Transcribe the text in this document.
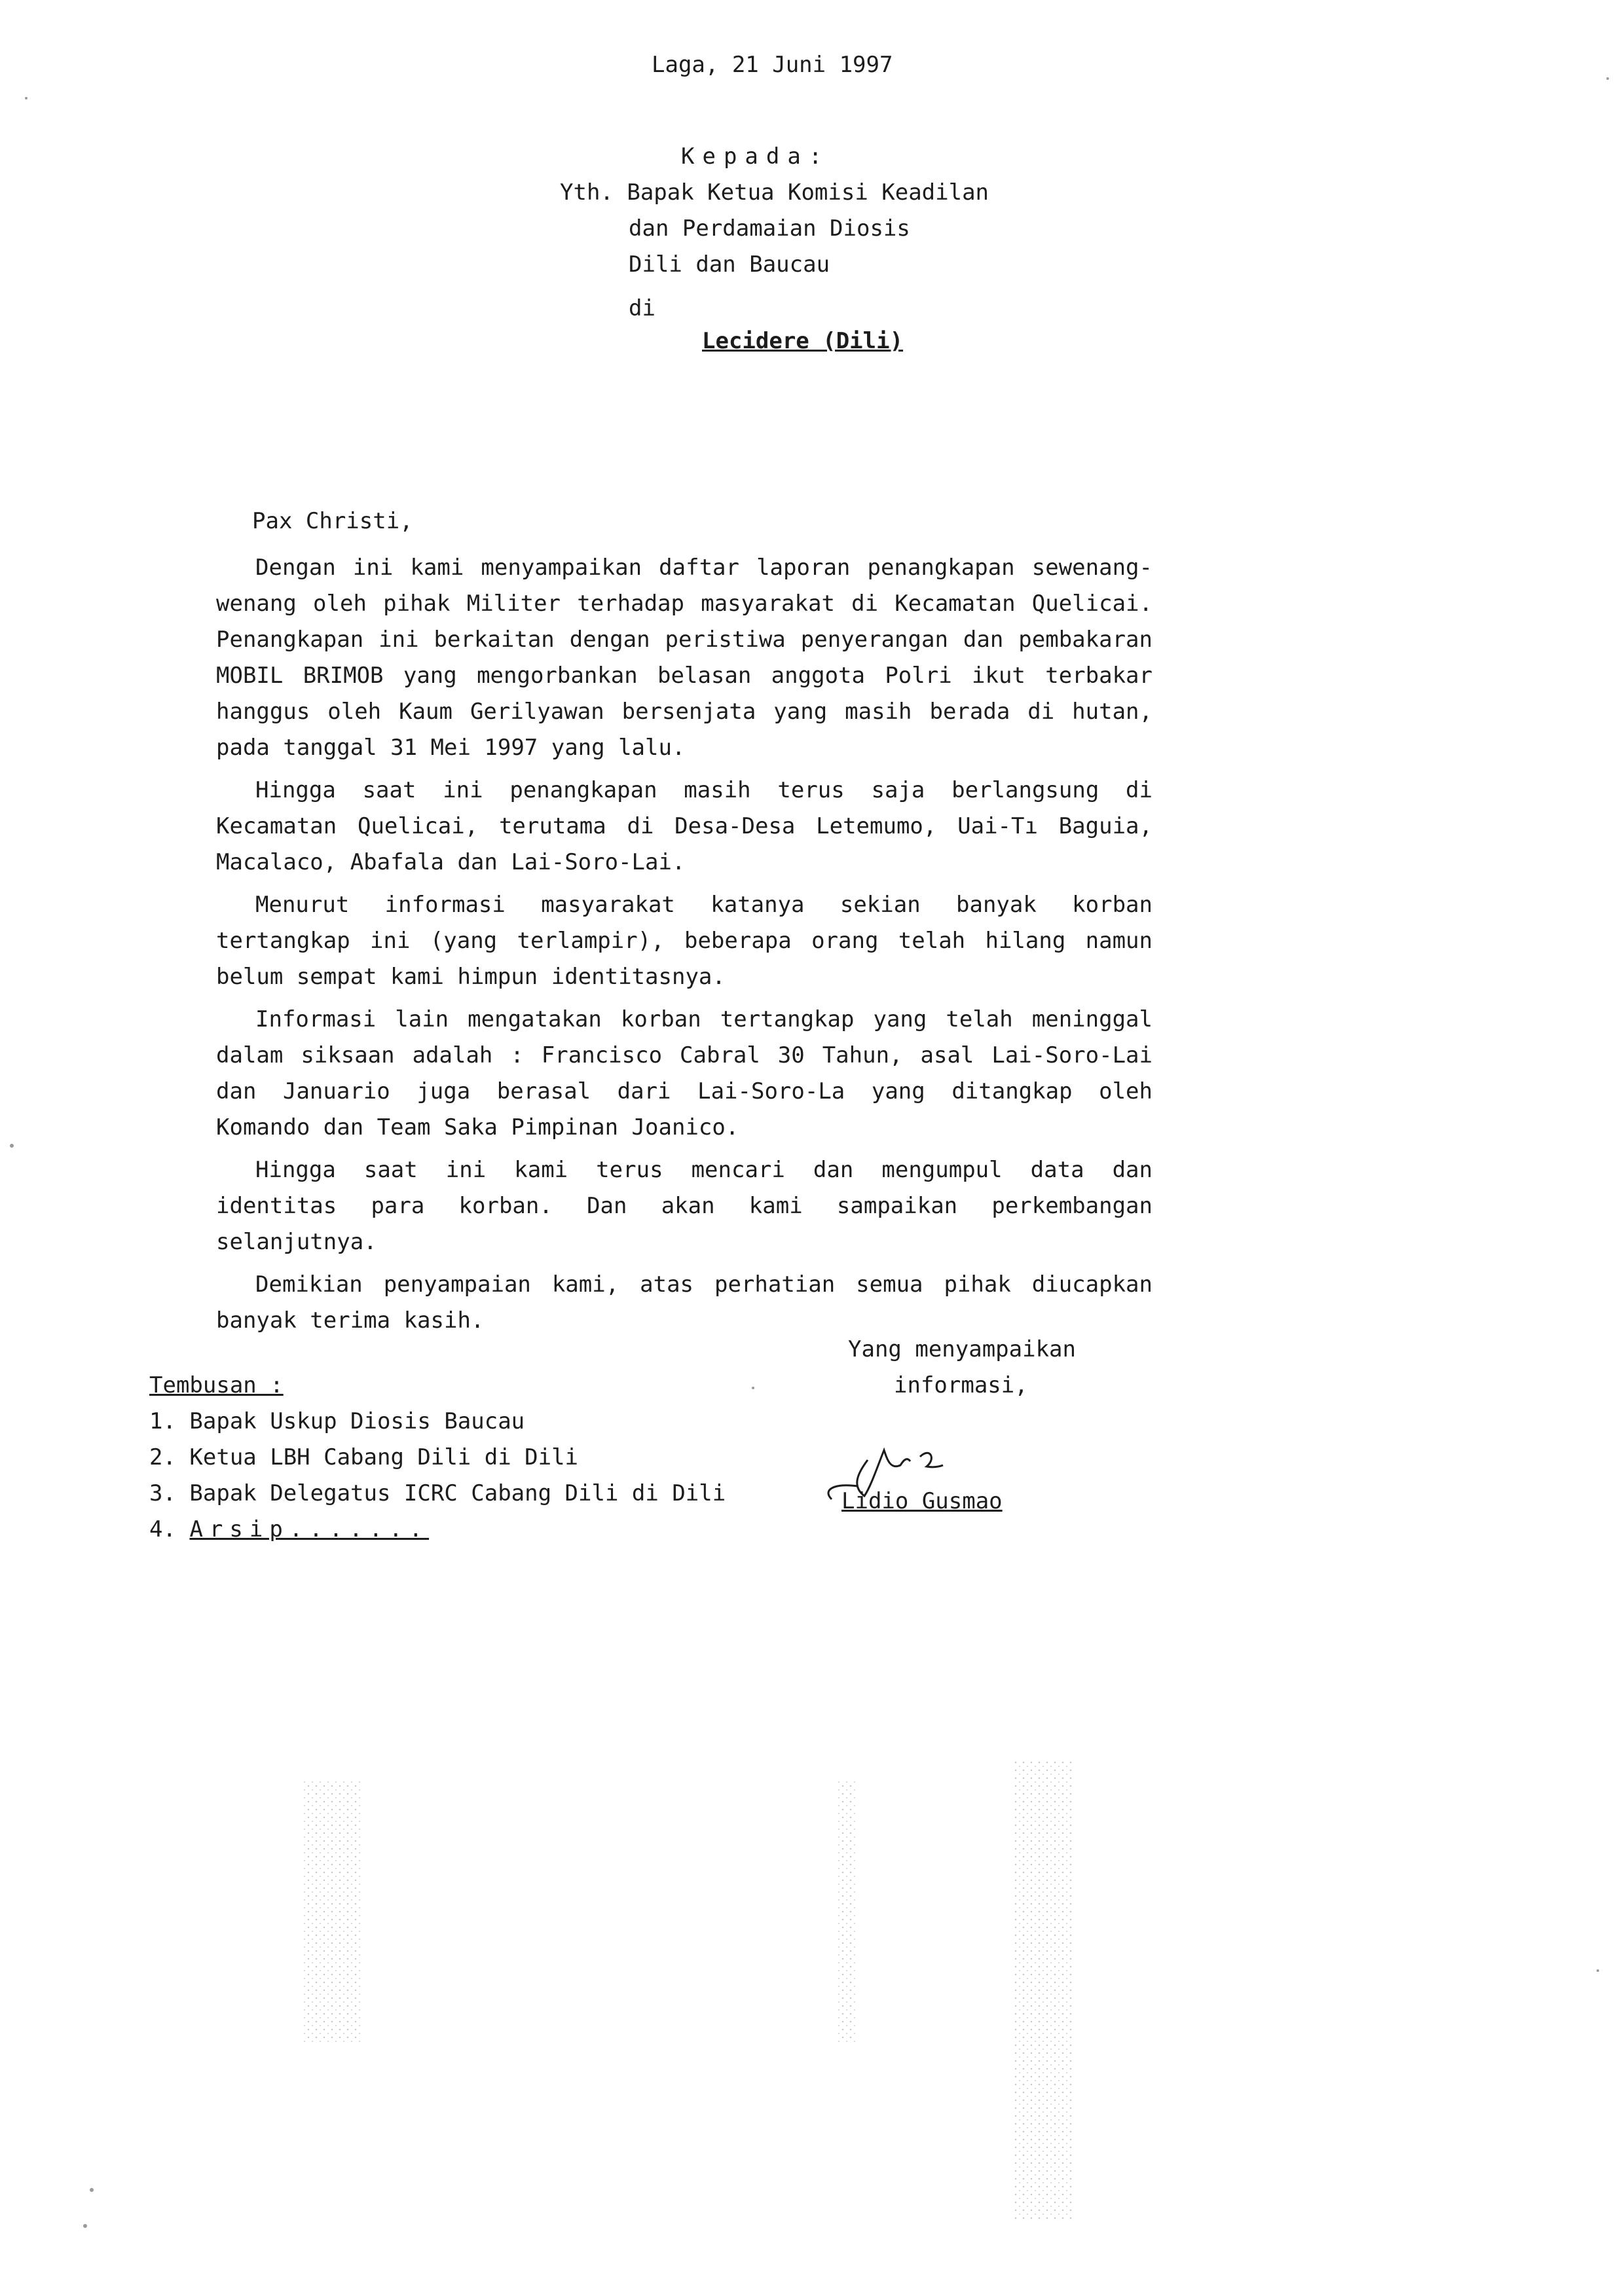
Laga, 21 Juni 1997
Kepada:
Yth. Bapak Ketua Komisi Keadilan
dan Perdamaian Diosis
Dili dan Baucau
di
Lecidere (Dili)
Pax Christi,

Dengan ini kami menyampaikan daftar laporan penangkapan sewenang-wenang oleh pihak Militer terhadap masyarakat di Kecamatan Quelicai. Penangkapan ini berkaitan dengan peristiwa penyerangan dan pembakaran MOBIL BRIMOB yang mengorbankan belasan anggota Polri ikut terbakar hanggus oleh Kaum Gerilyawan bersenjata yang masih berada di hutan, pada tanggal 31 Mei 1997 yang lalu.

Hingga saat ini penangkapan masih terus saja berlangsung di Kecamatan Quelicai, terutama di Desa-Desa Letemumo, Uai-Tı Baguia, Macalaco, Abafala dan Lai-Soro-Lai.

Menurut informasi masyarakat katanya sekian banyak korban tertangkap ini (yang terlampir), beberapa orang telah hilang namun belum sempat kami himpun identitasnya.

Informasi lain mengatakan korban tertangkap yang telah meninggal dalam siksaan adalah : Francisco Cabral 30 Tahun, asal Lai-Soro-Lai dan Januario juga berasal dari Lai-Soro-La yang ditangkap oleh Komando dan Team Saka Pimpinan Joanico.

Hingga saat ini kami terus mencari dan mengumpul data dan identitas para korban. Dan akan kami sampaikan perkembangan selanjutnya.

Demikian penyampaian kami, atas perhatian semua pihak diucapkan banyak terima kasih.

Yang menyampaikan
informasi,
Lidio Gusmao
Tembusan :
1. Bapak Uskup Diosis Baucau
2. Ketua LBH Cabang Dili di Dili
3. Bapak Delegatus ICRC Cabang Dili di Dili
4. Arsip.......
